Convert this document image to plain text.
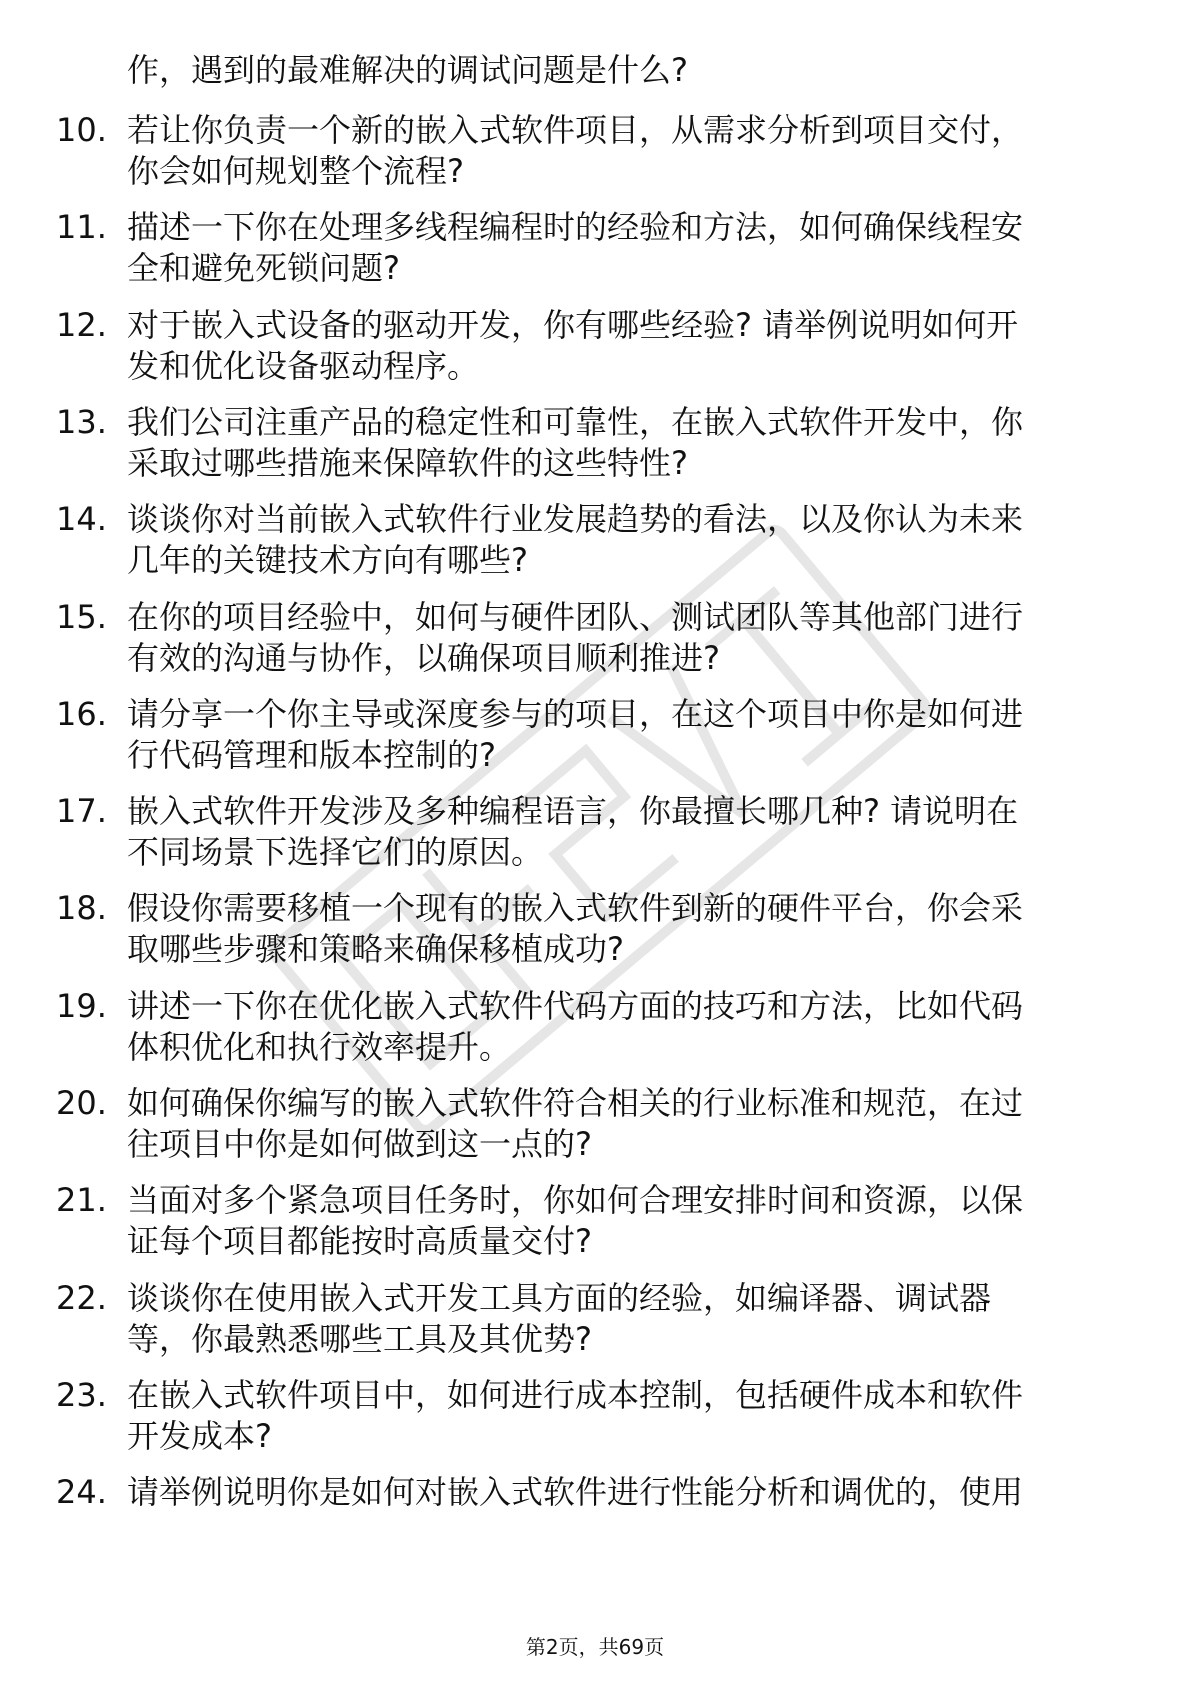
作，遇到的最难解决的调试问题是什么?
10. 若让你负责一个新的嵌入式软件项目，从需求分析到项目交付，
你会如何规划整个流程?
11. 描述一下你在处理多线程编程时的经验和方法，如何确保线程安
全和避免死锁问题?
12. 对于嵌入式设备的驱动开发，你有哪些经验? 请举例说明如何开
发和优化设备驱动程序。
13. 我们公司注重产品的稳定性和可靠性，在嵌入式软件开发中，你
采取过哪些措施来保障软件的这些特性?
14. 谈谈你对当前嵌入式软件行业发展趋势的看法，以及你认为未来
几年的关键技术方向有哪些?
15. 在你的项目经验中，如何与硬件团队、测试团队等其他部门进行
有效的沟通与协作，以确保项目顺利推进?
16. 请分享一个你主导或深度参与的项目，在这个项目中你是如何进
行代码管理和版本控制的?
17. 嵌入式软件开发涉及多种编程语言，你最擅长哪几种? 请说明在
不同场景下选择它们的原因。
18. 假设你需要移植一个现有的嵌入式软件到新的硬件平台，你会采
取哪些步骤和策略来确保移植成功?
19. 讲述一下你在优化嵌入式软件代码方面的技巧和方法，比如代码
体积优化和执行效率提升。
20. 如何确保你编写的嵌入式软件符合相关的行业标准和规范，在过
往项目中你是如何做到这一点的?
21. 当面对多个紧急项目任务时，你如何合理安排时间和资源，以保
证每个项目都能按时高质量交付?
22. 谈谈你在使用嵌入式开发工具方面的经验，如编译器、调试器
等，你最熟悉哪些工具及其优势?
23. 在嵌入式软件项目中，如何进行成本控制，包括硬件成本和软件
开发成本?
24. 请举例说明你是如何对嵌入式软件进行性能分析和调优的，使用
第2页，共69页
